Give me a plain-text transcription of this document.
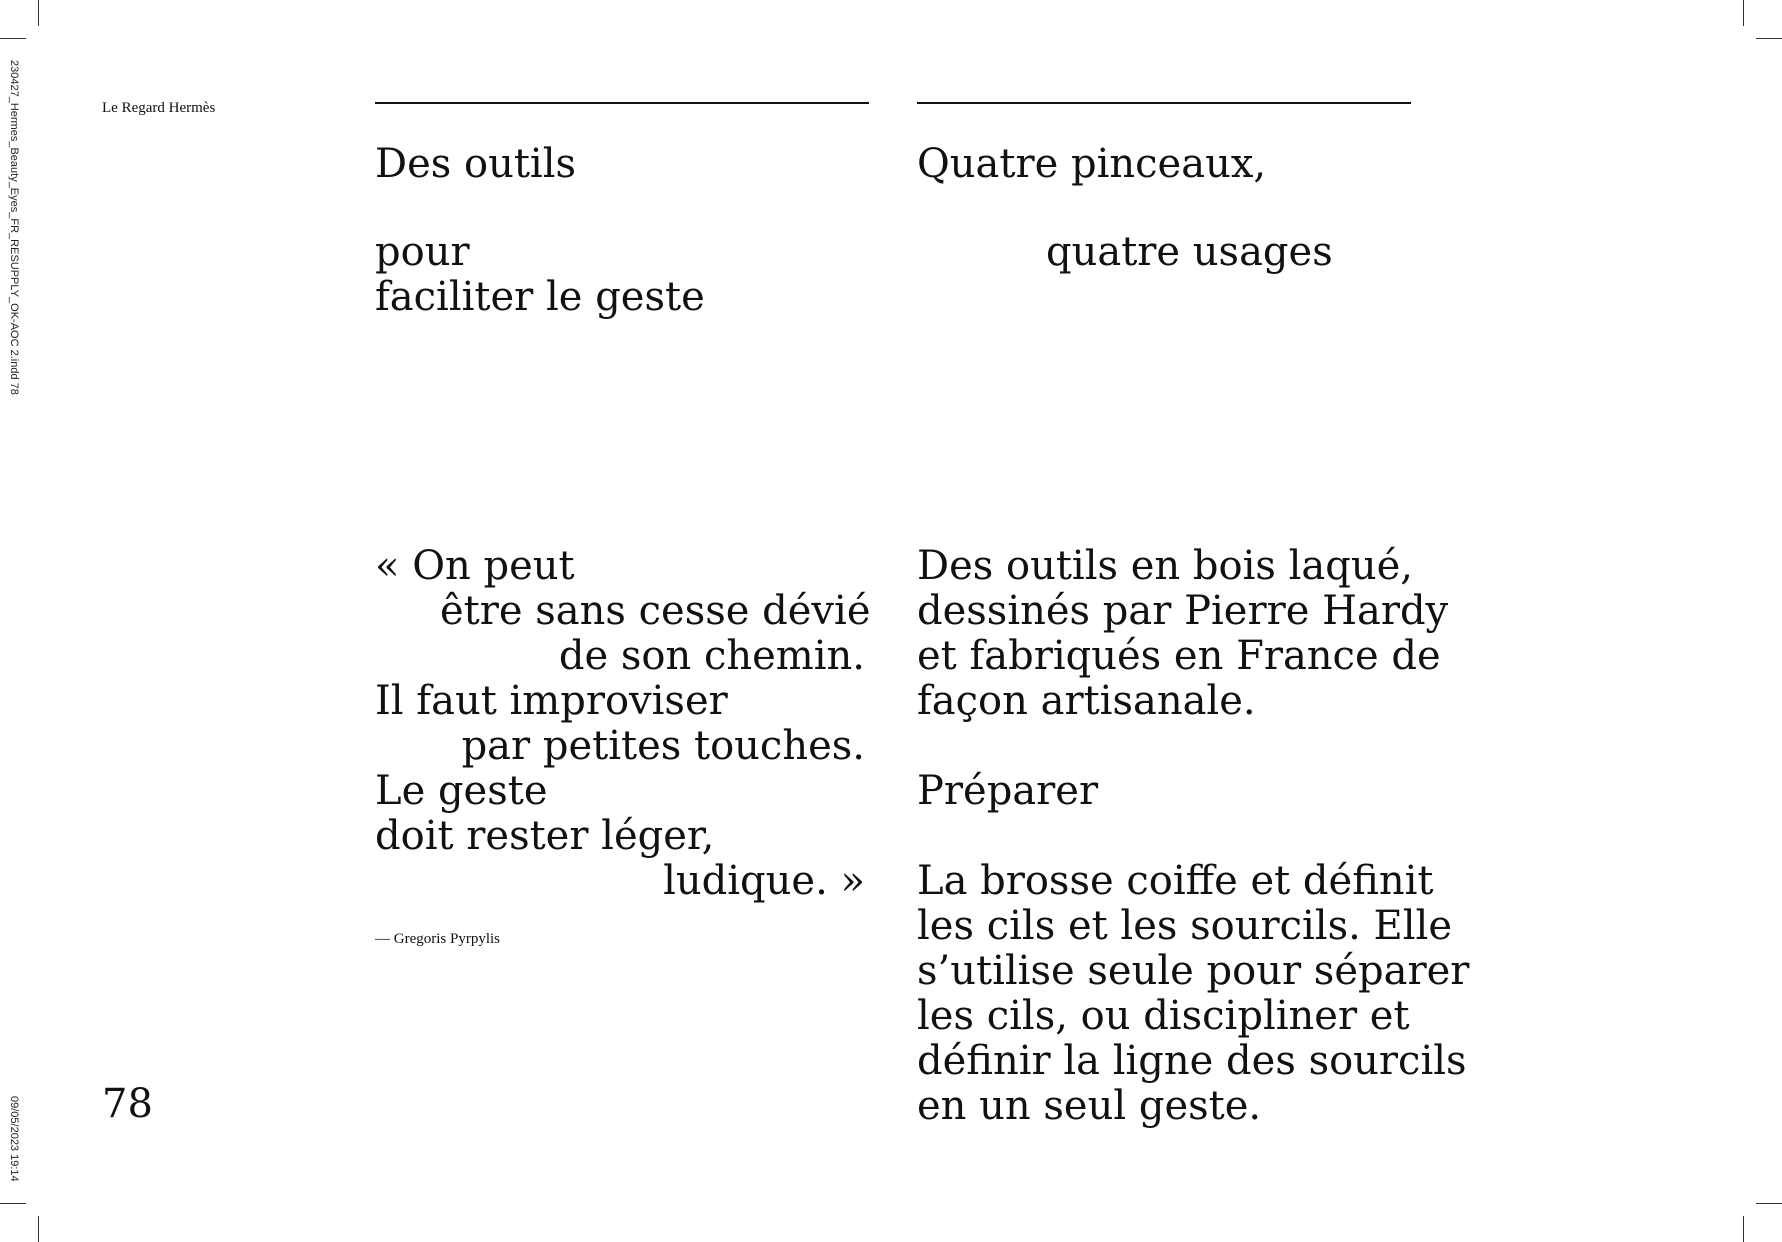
230427_Hermes_Beauty_Eyes_FR_RESUPPLY_OK-AOC 2.indd 78
09/05/2023 19:14
Le Regard Hermès
Des outils
pour
faciliter le geste
« On peut
être sans cesse dévié
de son chemin.
Il faut improviser
par petites touches.
Le geste
doit rester léger,
ludique. »
— Gregoris Pyrpylis
Quatre pinceaux,
quatre usages
Des outils en bois laqué,
dessinés par Pierre Hardy
et fabriqués en France de
façon artisanale.
Préparer
La brosse coiffe et définit
les cils et les sourcils. Elle
s’utilise seule pour séparer
les cils, ou discipliner et
définir la ligne des sourcils
en un seul geste.
78
